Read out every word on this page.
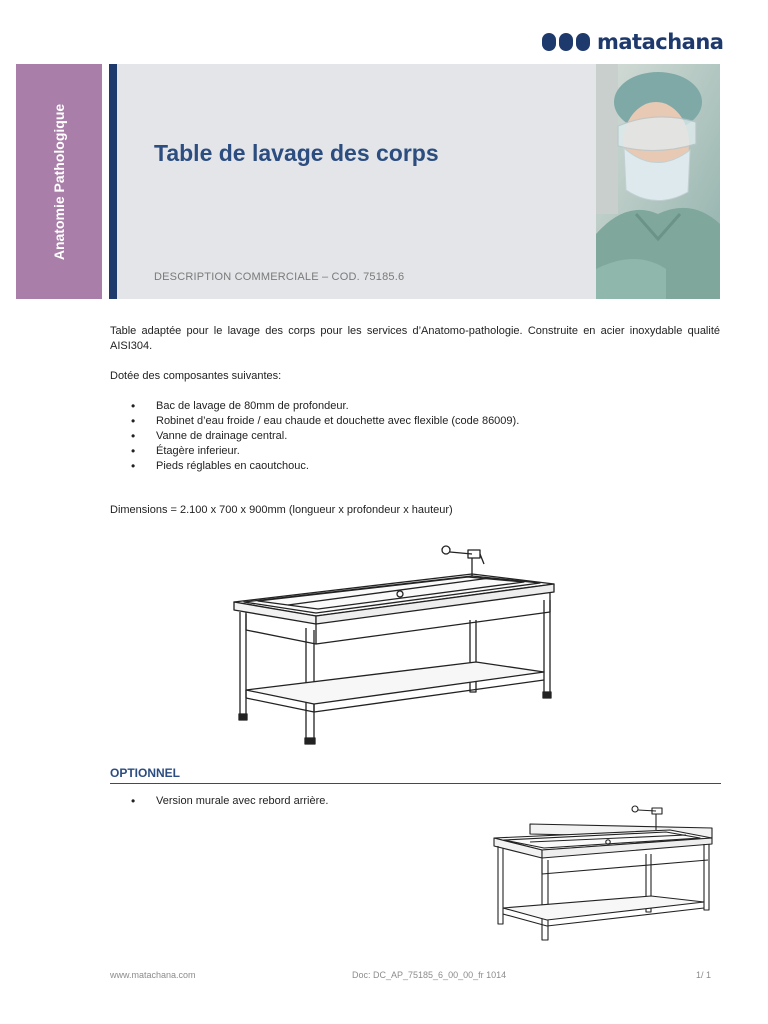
matachana
Anatomie Pathologique	Table de lavage des corps
DESCRIPTION COMMERCIALE – COD. 75185.6

Table adaptée pour le lavage des corps pour les services d’Anatomo-pathologie. Construite en acier inoxydable qualité AISI304.

Dotée des composantes suivantes:

• Bac de lavage de 80mm de profondeur.
• Robinet d’eau froide / eau chaude et douchette avec flexible (code 86009).
• Vanne de drainage central.
• Étagère inferieur.
• Pieds réglables en caoutchouc.

Dimensions = 2.100 x 700 x 900mm (longueur x profondeur x hauteur)

OPTIONNEL
• Version murale avec rebord arrière.
www.matachana.com	Doc: DC_AP_75185_6_00_00_fr 1014	1/ 1
